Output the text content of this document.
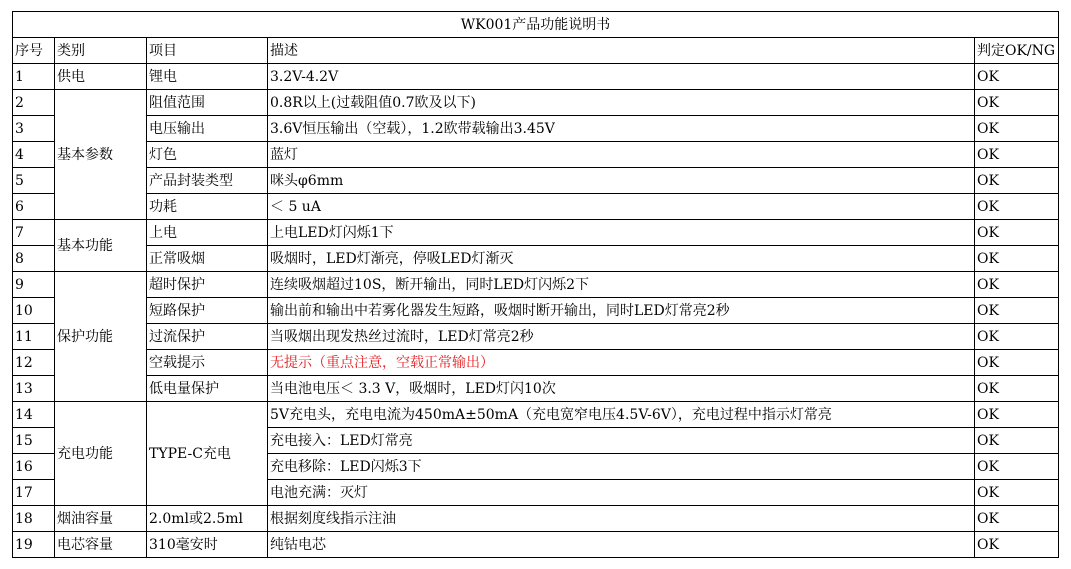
WK001产品功能说明书				
序号	类别	项目	描述	判定OK/NG
1	供电	锂电	3.2V-4.2V	OK
2	基本参数	阻值范围	0.8R以上(过载阻值0.7欧及以下)	OK
3		电压输出	3.6V恒压输出（空载），1.2欧带载输出3.45V	OK
4		灯色	蓝灯	OK
5		产品封装类型	咪头φ6mm	OK
6		功耗	＜ 5 uA	OK
7	基本功能	上电	上电LED灯闪烁1下	OK
8		正常吸烟	吸烟时，LED灯渐亮，停吸LED灯渐灭	OK
9	保护功能	超时保护	连续吸烟超过10S，断开输出，同时LED灯闪烁2下	OK
10		短路保护	输出前和输出中若雾化器发生短路，吸烟时断开输出，同时LED灯常亮2秒	OK
11		过流保护	当吸烟出现发热丝过流时，LED灯常亮2秒	OK
12		空载提示	无提示（重点注意，空载正常输出）	OK
13		低电量保护	当电池电压＜ 3.3 V，吸烟时，LED灯闪10次	OK
14	充电功能	TYPE-C充电	5V充电头，充电电流为450mA±50mA（充电宽窄电压4.5V-6V），充电过程中指示灯常亮	OK
15			充电接入：LED灯常亮	OK
16			充电移除：LED闪烁3下	OK
17			电池充满：灭灯	OK
18	烟油容量	2.0ml或2.5ml	根据刻度线指示注油	OK
19	电芯容量	310毫安时	纯钴电芯	OK
